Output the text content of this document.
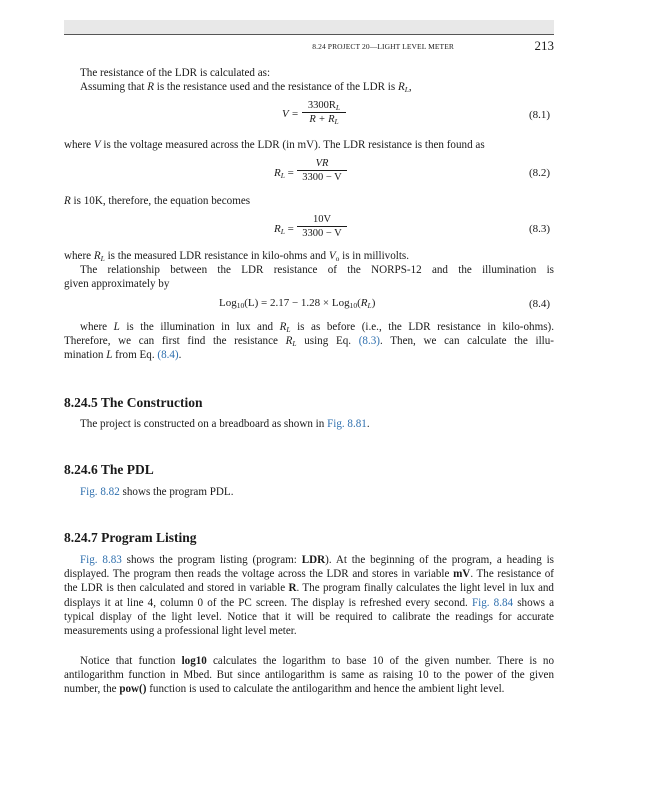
8.24 PROJECT 20—LIGHT LEVEL METER	213
The resistance of the LDR is calculated as:
Assuming that R is the resistance used and the resistance of the LDR is $R_L$,
V =
$3300R_L$
$R + R_L$
(8.1)
where V is the voltage measured across the LDR (in mV). The LDR resistance is then found as
$R_L$ =
VR
3300 − V	(8.2)
R is 10K, therefore, the equation becomes
$R_L$ =
10V
3300 − V	(8.3)
where $R_L$ is the measured LDR resistance in kilo-ohms and $V_o$ is in millivolts.
The relationship between the LDR resistance of the NORPS-12 and the illumination is
given approximately by
$Log_{10}(L) = 2.17 - 1.28 \times Log_{10}(R_L)$	(8.4)
where L is the illumination in lux and $R_L$ is as before (i.e., the LDR resistance in kilo-ohms).
Therefore, we can first find the resistance $R_L$ using Eq. (8.3). Then, we can calculate the illu-
mination L from Eq. (8.4).
8.24.5 The Construction
The project is constructed on a breadboard as shown in Fig. 8.81.
8.24.6 The PDL
Fig. 8.82 shows the program PDL.
8.24.7 Program Listing
Fig. 8.83 shows the program listing (program: LDR). At the beginning of the program, a heading is displayed. The program then reads the voltage across the LDR and stores in variable mV. The resistance of the LDR is then calculated and stored in variable R. The program finally calculates the light level in lux and displays it at line 4, column 0 of the PC screen. The display is refreshed every second. Fig. 8.84 shows a typical display of the light level. Notice that it will be required to calibrate the readings for accurate measurements using a professional light level meter.
Notice that function log10 calculates the logarithm to base 10 of the given number. There is no antilogarithm function in Mbed. But since antilogarithm is same as raising 10 to the power of the given number, the pow() function is used to calculate the antilogarithm and hence the ambient light level.
